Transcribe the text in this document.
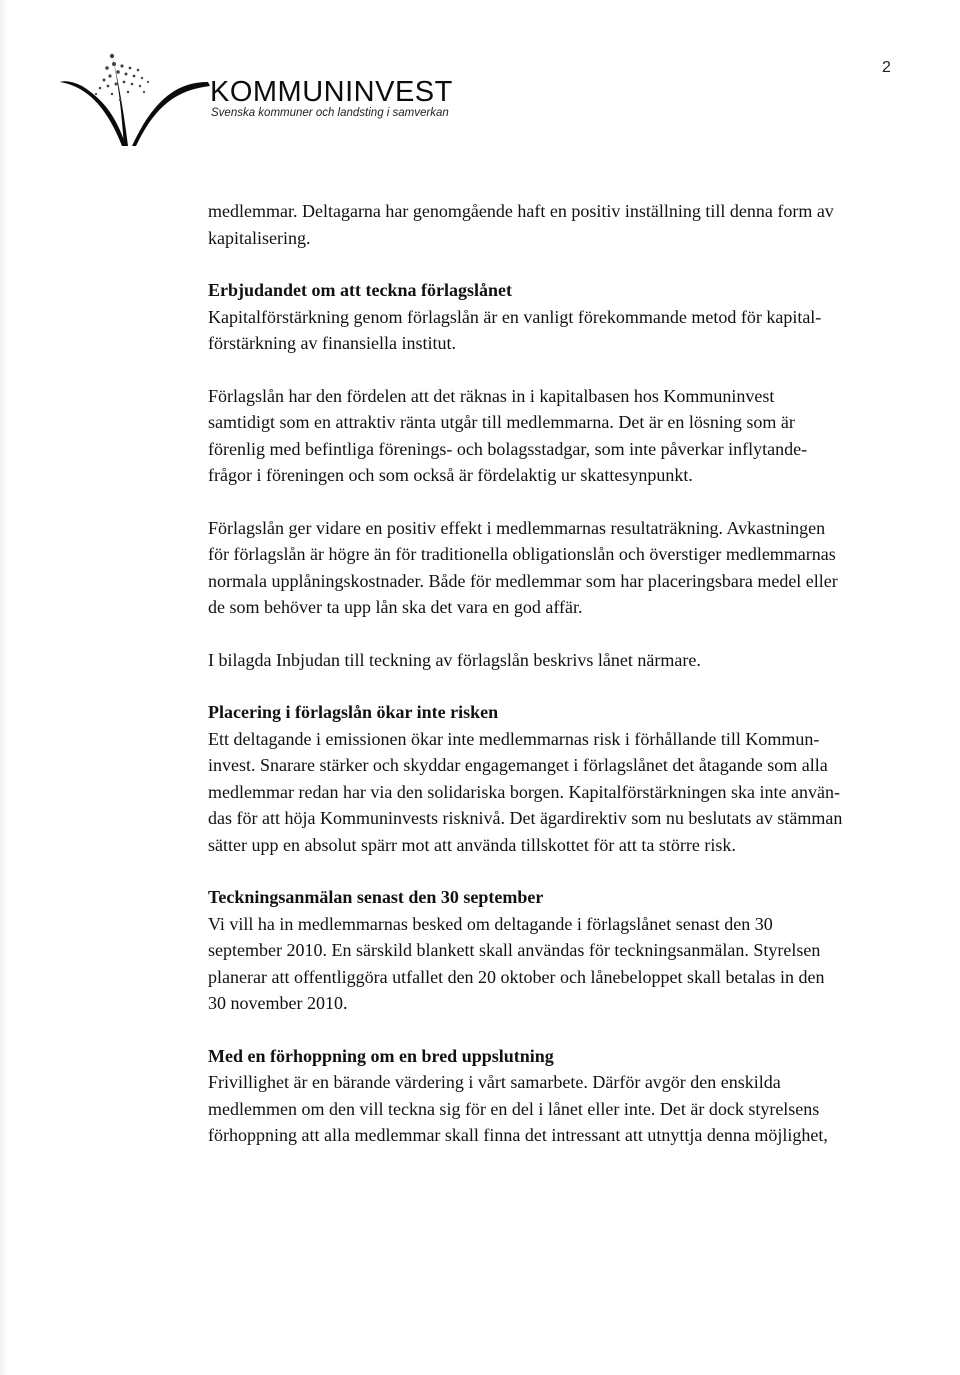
KOMMUNINVEST
Svenska kommuner och landsting i samverkan
2
medlemmar. Deltagarna har genomgående haft en positiv inställning till denna form av
kapitalisering.
Erbjudandet om att teckna förlagslånet
Kapitalförstärkning genom förlagslån är en vanligt förekommande metod för kapital-
förstärkning av finansiella institut.
Förlagslån har den fördelen att det räknas in i kapitalbasen hos Kommuninvest
samtidigt som en attraktiv ränta utgår till medlemmarna. Det är en lösning som är
förenlig med befintliga förenings- och bolagsstadgar, som inte påverkar inflytande-
frågor i föreningen och som också är fördelaktig ur skattesynpunkt.
Förlagslån ger vidare en positiv effekt i medlemmarnas resultaträkning. Avkastningen
för förlagslån är högre än för traditionella obligationslån och överstiger medlemmarnas
normala upplåningskostnader. Både för medlemmar som har placeringsbara medel eller
de som behöver ta upp lån ska det vara en god affär.
I bilagda Inbjudan till teckning av förlagslån beskrivs lånet närmare.
Placering i förlagslån ökar inte risken
Ett deltagande i emissionen ökar inte medlemmarnas risk i förhållande till Kommun-
invest. Snarare stärker och skyddar engagemanget i förlagslånet det åtagande som alla
medlemmar redan har via den solidariska borgen. Kapitalförstärkningen ska inte använ-
das för att höja Kommuninvests risknivå. Det ägardirektiv som nu beslutats av stämman
sätter upp en absolut spärr mot att använda tillskottet för att ta större risk.
Teckningsanmälan senast den 30 september
Vi vill ha in medlemmarnas besked om deltagande i förlagslånet senast den 30
september 2010. En särskild blankett skall användas för teckningsanmälan. Styrelsen
planerar att offentliggöra utfallet den 20 oktober och lånebeloppet skall betalas in den
30 november 2010.
Med en förhoppning om en bred uppslutning
Frivillighet är en bärande värdering i vårt samarbete. Därför avgör den enskilda
medlemmen om den vill teckna sig för en del i lånet eller inte. Det är dock styrelsens
förhoppning att alla medlemmar skall finna det intressant att utnyttja denna möjlighet,
